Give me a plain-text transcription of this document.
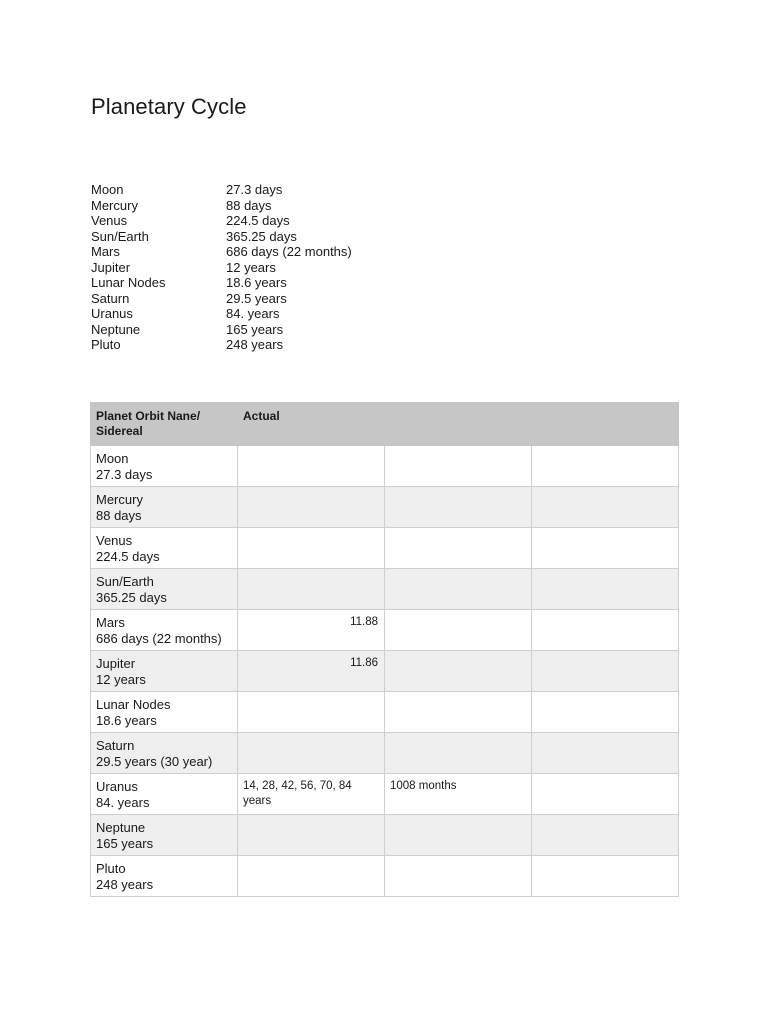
Planetary Cycle
Moon	27.3 days
Mercury	88 days
Venus	224.5 days
Sun/Earth	365.25 days
Mars	686 days (22 months)
Jupiter	12 years
Lunar Nodes	18.6 years
Saturn	29.5 years
Uranus	84. years
Neptune	165 years
Pluto	248 years
Planet Orbit Nane/
Sidereal	Actual		

Moon
27.3 days			

Mercury
88 days			

Venus
224.5 days			

Sun/Earth
365.25 days			

Mars
686 days (22 months)	11.88		

Jupiter
12 years	11.86		

Lunar Nodes
18.6 years			

Saturn
29.5 years (30 year)			

Uranus
84. years	14, 28, 42, 56, 70, 84 years	1008 months	

Neptune
165 years			

Pluto
248 years			
